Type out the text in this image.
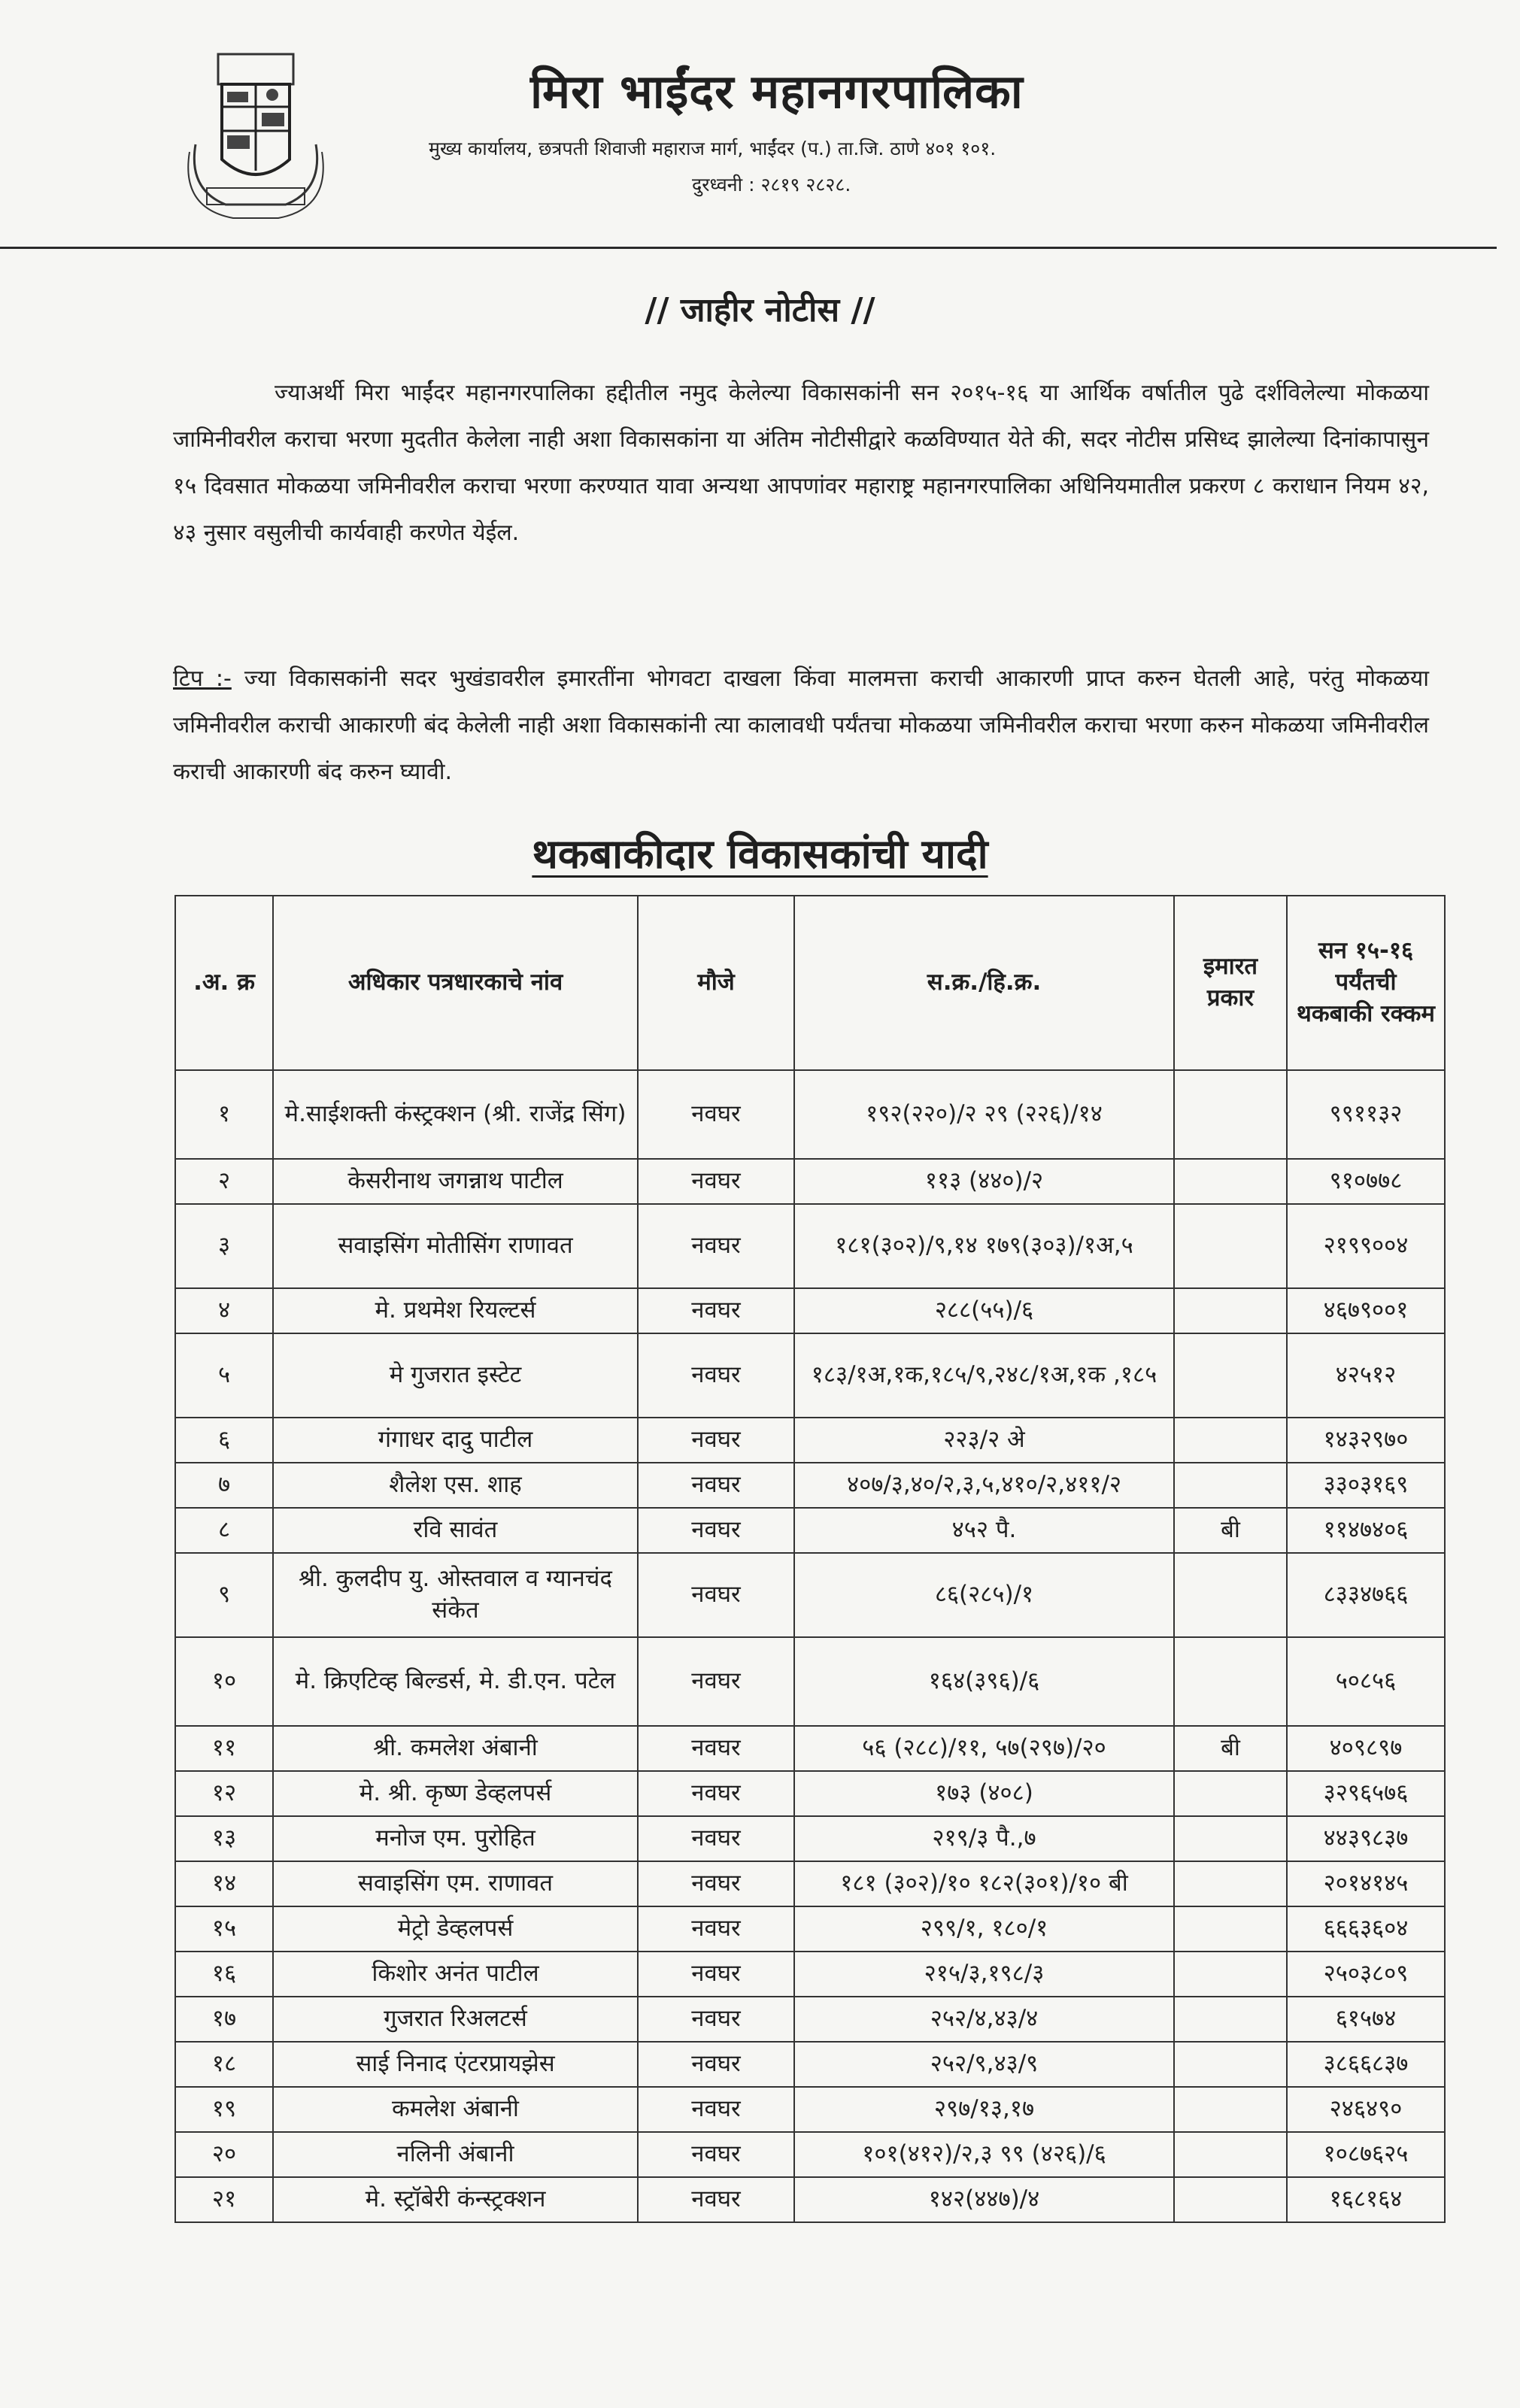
मिरा भाईंदर महानगरपालिका
मुख्य कार्यालय, छत्रपती शिवाजी महाराज मार्ग, भाईंदर (प.) ता.जि. ठाणे ४०१ १०१.
दुरध्वनी : २८१९ २८२८.
// जाहीर नोटीस //
ज्याअर्थी मिरा भाईंदर महानगरपालिका हद्दीतील नमुद केलेल्या विकासकांनी सन २०१५-१६ या आर्थिक वर्षातील पुढे दर्शविलेल्या मोकळया जामिनीवरील कराचा भरणा मुदतीत केलेला नाही अशा विकासकांना या अंतिम नोटीसीद्वारे कळविण्यात येते की, सदर नोटीस प्रसिध्द झालेल्या दिनांकापासुन १५ दिवसात मोकळया जमिनीवरील कराचा भरणा करण्यात यावा अन्यथा आपणांवर महाराष्ट्र महानगरपालिका अधिनियमातील प्रकरण ८ कराधान नियम ४२, ४३ नुसार वसुलीची कार्यवाही करणेत येईल.
टिप :- ज्या विकासकांनी सदर भुखंडावरील इमारतींना भोगवटा दाखला किंवा मालमत्ता कराची आकारणी प्राप्त करुन घेतली आहे, परंतु मोकळया जमिनीवरील कराची आकारणी बंद केलेली नाही अशा विकासकांनी त्या कालावधी पर्यंतचा मोकळया जमिनीवरील कराचा भरणा करुन मोकळया जमिनीवरील कराची आकारणी बंद करुन घ्यावी.
थकबाकीदार विकासकांची यादी
.अ. क्र	अधिकार पत्रधारकाचे नांव	मौजे	स.क्र./हि.क्र.	इमारत प्रकार	सन १५-१६ पर्यंतची थकबाकी रक्कम
१	मे.साईशक्ती कंस्ट्रक्शन (श्री. राजेंद्र सिंग)	नवघर	१९२(२२०)/२ २९ (२२६)/१४		९९११३२
२	केसरीनाथ जगन्नाथ पाटील	नवघर	११३ (४४०)/२		९१०७७८
३	सवाइसिंग मोतीसिंग राणावत	नवघर	१८१(३०२)/९,१४ १७९(३०३)/१अ,५		२१९९००४
४	मे. प्रथमेश रियल्टर्स	नवघर	२८८(५५)/६		४६७९००१
५	मे गुजरात इस्टेट	नवघर	१८३/१अ,१क,१८५/९,२४८/१अ,१क ,१८५		४२५१२
६	गंगाधर दादु पाटील	नवघर	२२३/२ अे		१४३२९७०
७	शैलेश एस. शाह	नवघर	४०७/३,४०/२,३,५,४१०/२,४११/२		३३०३१६९
८	रवि सावंत	नवघर	४५२ पै.	बी	११४७४०६
९	श्री. कुलदीप यु. ओस्तवाल व ग्यानचंद संकेत	नवघर	८६(२८५)/१		८३३४७६६
१०	मे. क्रिएटिव्ह बिल्डर्स, मे. डी.एन. पटेल	नवघर	१६४(३९६)/६		५०८५६
११	श्री. कमलेश अंबानी	नवघर	५६ (२८८)/११, ५७(२९७)/२०	बी	४०९८९७
१२	मे. श्री. कृष्ण डेव्हलपर्स	नवघर	१७३ (४०८)		३२९६५७६
१३	मनोज एम. पुरोहित	नवघर	२१९/३ पै.,७		४४३९८३७
१४	सवाइसिंग एम. राणावत	नवघर	१८१ (३०२)/१० १८२(३०१)/१० बी		२०१४१४५
१५	मेट्रो डेव्हलपर्स	नवघर	२९९/१, १८०/१		६६६३६०४
१६	किशोर अनंत पाटील	नवघर	२१५/३,१९८/३		२५०३८०९
१७	गुजरात रिअलटर्स	नवघर	२५२/४,४३/४		६१५७४
१८	साई निनाद एंटरप्रायझेस	नवघर	२५२/९,४३/९		३८६६८३७
१९	कमलेश अंबानी	नवघर	२९७/१३,१७		२४६४९०
२०	नलिनी अंबानी	नवघर	१०१(४१२)/२,३ ९९ (४२६)/६		१०८७६२५
२१	मे. स्ट्रॉबेरी कंन्स्ट्रक्शन	नवघर	१४२(४४७)/४		१६८१६४
